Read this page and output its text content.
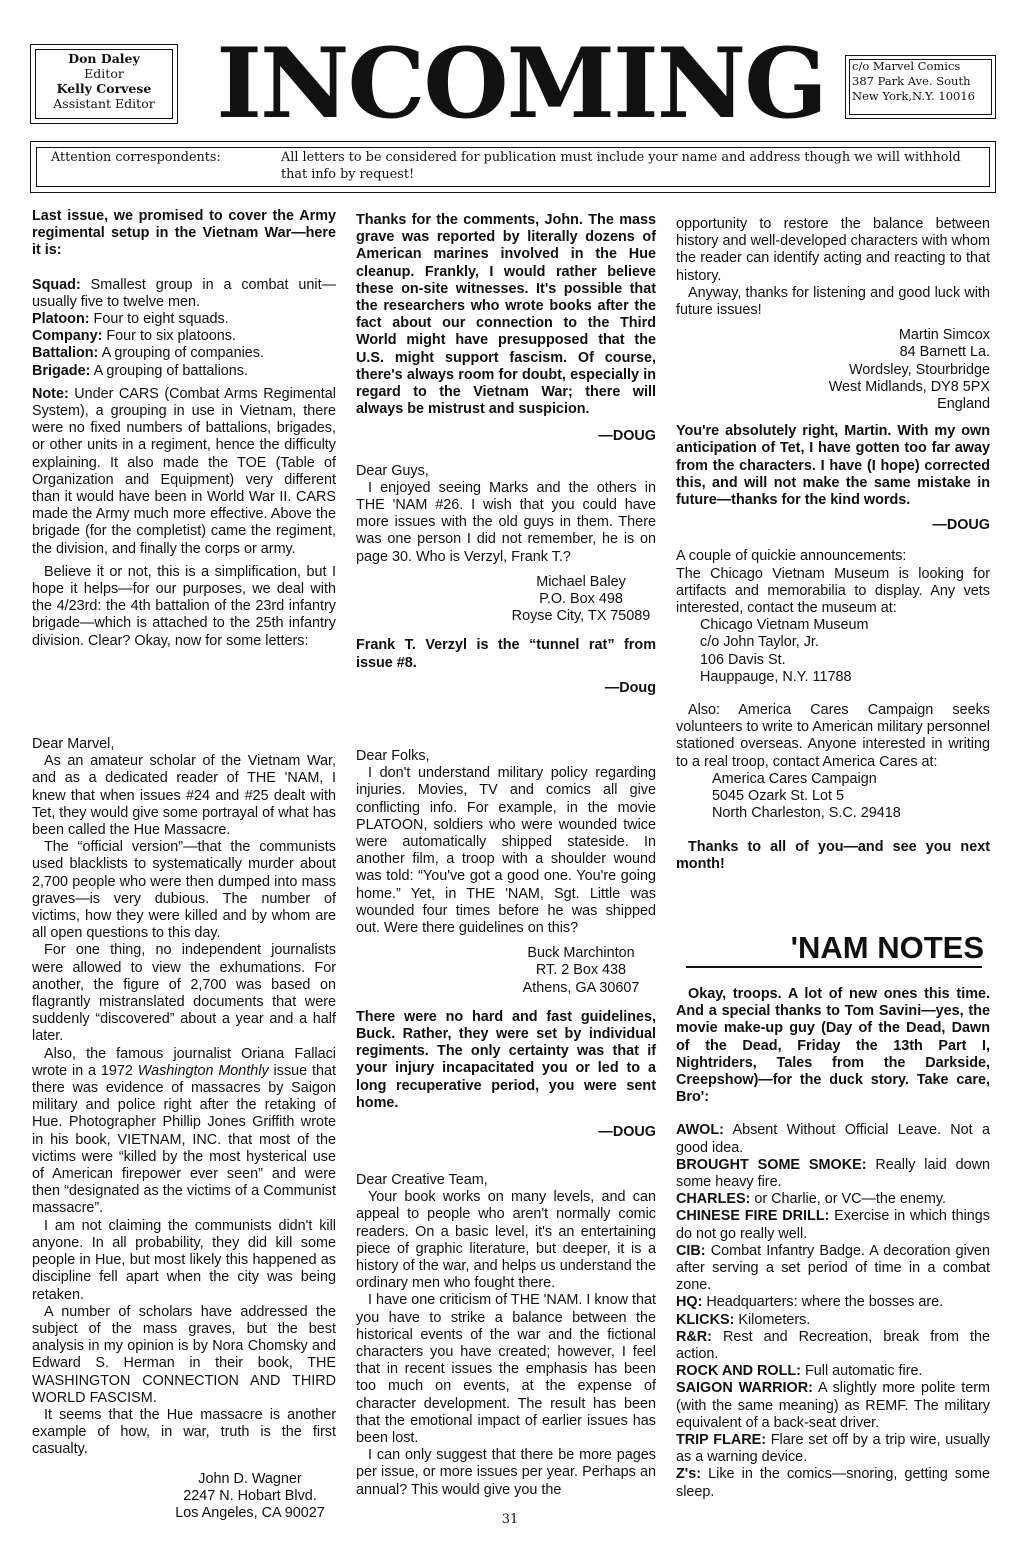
Don Daley
Editor
Kelly Corvese
Assistant Editor INCOMING	c/o Marvel Comics
387 Park Ave. South
New York,N.Y. 10016
Attention correspondents:	All letters to be considered for publication must include your name and address though we will withhold that info by request!

Last issue, we promised to cover the Army regimental setup in the Vietnam War—here it is:

Squad: Smallest group in a combat unit—usually five to twelve men.

Platoon: Four to eight squads.

Company: Four to six platoons.

Battalion: A grouping of companies.

Brigade: A grouping of battalions.

Note: Under CARS (Combat Arms Regimental System), a grouping in use in Vietnam, there were no fixed numbers of battalions, brigades, or other units in a regiment, hence the difficulty explaining. It also made the TOE (Table of Organization and Equipment) very different than it would have been in World War II. CARS made the Army much more effective. Above the brigade (for the completist) came the regiment, the division, and finally the corps or army.

Believe it or not, this is a simplification, but I hope it helps—for our purposes, we deal with the 4/23rd: the 4th battalion of the 23rd infantry brigade—which is attached to the 25th infantry division. Clear? Okay, now for some letters:

Dear Marvel,

As an amateur scholar of the Vietnam War, and as a dedicated reader of THE 'NAM, I knew that when issues #24 and #25 dealt with Tet, they would give some portrayal of what has been called the Hue Massacre.

The “official version”—that the communists used blacklists to systematically murder about 2,700 people who were then dumped into mass graves—is very dubious. The number of victims, how they were killed and by whom are all open questions to this day.

For one thing, no independent journalists were allowed to view the exhumations. For another, the figure of 2,700 was based on flagrantly mistranslated documents that were suddenly “discovered” about a year and a half later.

Also, the famous journalist Oriana Fallaci wrote in a 1972 Washington Monthly issue that there was evidence of massacres by Saigon military and police right after the retaking of Hue. Photographer Phillip Jones Griffith wrote in his book, VIETNAM, INC. that most of the victims were “killed by the most hysterical use of American firepower ever seen” and were then “designated as the victims of a Communist massacre”.

I am not claiming the communists didn't kill anyone. In all probability, they did kill some people in Hue, but most likely this happened as discipline fell apart when the city was being retaken.

A number of scholars have addressed the subject of the mass graves, but the best analysis in my opinion is by Nora Chomsky and Edward S. Herman in their book, THE WASHINGTON CONNECTION AND THIRD WORLD FASCISM.

It seems that the Hue massacre is another example of how, in war, truth is the first casualty.

John D. Wagner
2247 N. Hobart Blvd.
Los Angeles, CA 90027

Thanks for the comments, John. The mass grave was reported by literally dozens of American marines involved in the Hue cleanup. Frankly, I would rather believe these on-site witnesses. It's possible that the researchers who wrote books after the fact about our connection to the Third World might have presupposed that the U.S. might support fascism. Of course, there's always room for doubt, especially in regard to the Vietnam War; there will always be mistrust and suspicion.

—DOUG

Dear Guys,

I enjoyed seeing Marks and the others in THE 'NAM #26. I wish that you could have more issues with the old guys in them. There was one person I did not remember, he is on page 30. Who is Verzyl, Frank T.?

Michael Baley
P.O. Box 498
Royse City, TX 75089

Frank T. Verzyl is the “tunnel rat” from issue #8.

—Doug

Dear Folks,

I don't understand military policy regarding injuries. Movies, TV and comics all give conflicting info. For example, in the movie PLATOON, soldiers who were wounded twice were automatically shipped stateside. In another film, a troop with a shoulder wound was told: “You've got a good one. You're going home.” Yet, in THE 'NAM, Sgt. Little was wounded four times before he was shipped out. Were there guidelines on this?

Buck Marchinton
RT. 2 Box 438
Athens, GA 30607

There were no hard and fast guidelines, Buck. Rather, they were set by individual regiments. The only certainty was that if your injury incapacitated you or led to a long recuperative period, you were sent home.

—DOUG

Dear Creative Team,

Your book works on many levels, and can appeal to people who aren't normally comic readers. On a basic level, it's an entertaining piece of graphic literature, but deeper, it is a history of the war, and helps us understand the ordinary men who fought there.

I have one criticism of THE 'NAM. I know that you have to strike a balance between the historical events of the war and the fictional characters you have created; however, I feel that in recent issues the emphasis has been too much on events, at the expense of character development. The result has been that the emotional impact of earlier issues has been lost.

I can only suggest that there be more pages per issue, or more issues per year. Perhaps an annual? This would give you the

opportunity to restore the balance between history and well-developed characters with whom the reader can identify acting and reacting to that history.

Anyway, thanks for listening and good luck with future issues!

Martin Simcox
84 Barnett La.
Wordsley, Stourbridge
West Midlands, DY8 5PX
England

You're absolutely right, Martin. With my own anticipation of Tet, I have gotten too far away from the characters. I have (I hope) corrected this, and will not make the same mistake in future—thanks for the kind words.

—DOUG

A couple of quickie announcements:

The Chicago Vietnam Museum is looking for artifacts and memorabilia to display. Any vets interested, contact the museum at:

Chicago Vietnam Museum
c/o John Taylor, Jr.
106 Davis St.
Hauppauge, N.Y. 11788

Also: America Cares Campaign seeks volunteers to write to American military personnel stationed overseas. Anyone interested in writing to a real troop, contact America Cares at:

America Cares Campaign
5045 Ozark St. Lot 5
North Charleston, S.C. 29418

Thanks to all of you—and see you next month!

'NAM NOTES

Okay, troops. A lot of new ones this time. And a special thanks to Tom Savini—yes, the movie make-up guy (Day of the Dead, Dawn of the Dead, Friday the 13th Part I, Nightriders, Tales from the Darkside, Creepshow)—for the duck story. Take care, Bro':

AWOL: Absent Without Official Leave. Not a good idea.

BROUGHT SOME SMOKE: Really laid down some heavy fire.

CHARLES: or Charlie, or VC—the enemy.

CHINESE FIRE DRILL: Exercise in which things do not go really well.

CIB: Combat Infantry Badge. A decoration given after serving a set period of time in a combat zone.

HQ: Headquarters: where the bosses are.

KLICKS: Kilometers.

R&R: Rest and Recreation, break from the action.

ROCK AND ROLL: Full automatic fire.

SAIGON WARRIOR: A slightly more polite term (with the same meaning) as REMF. The military equivalent of a back-seat driver.

TRIP FLARE: Flare set off by a trip wire, usually as a warning device.

Z's: Like in the comics—snoring, getting some sleep.

31
